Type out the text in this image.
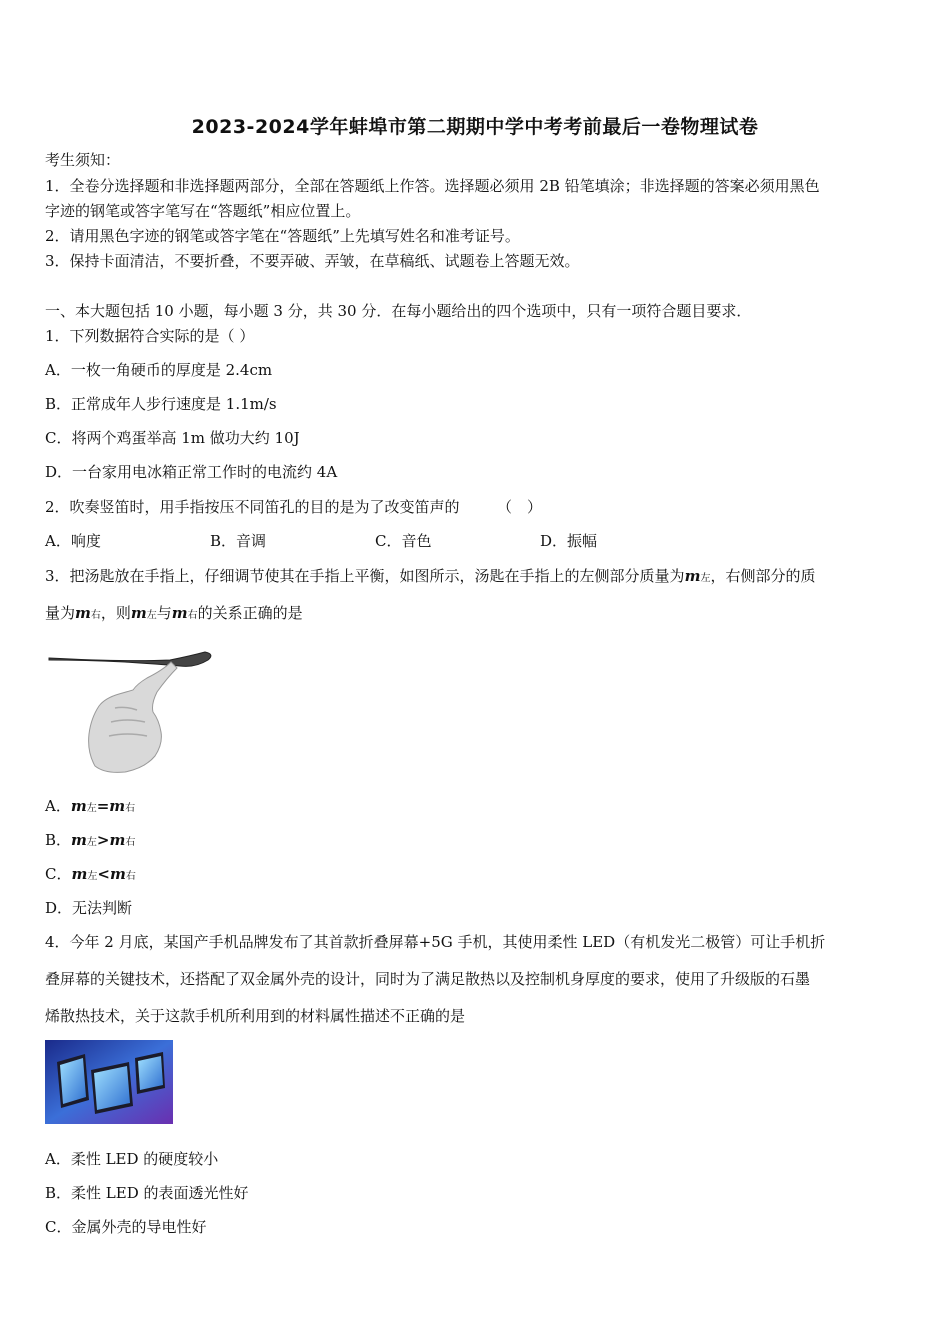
2023-2024学年蚌埠市第二期期中学中考考前最后一卷物理试卷
考生须知：
1．全卷分选择题和非选择题两部分，全部在答题纸上作答。选择题必须用 2B 铅笔填涂；非选择题的答案必须用黑色
字迹的钢笔或答字笔写在“答题纸”相应位置上。
2．请用黑色字迹的钢笔或答字笔在“答题纸”上先填写姓名和准考证号。
3．保持卡面清洁，不要折叠，不要弄破、弄皱，在草稿纸、试题卷上答题无效。
一、本大题包括 10 小题，每小题 3 分，共 30 分．在每小题给出的四个选项中，只有一项符合题目要求．
1．下列数据符合实际的是（ ）
A．一枚一角硬币的厚度是 2.4cm
B．正常成年人步行速度是 1.1m/s
C．将两个鸡蛋举高 1m 做功大约 10J
D．一台家用电冰箱正常工作时的电流约 4A
2．吹奏竖笛时，用手指按压不同笛孔的目的是为了改变笛声的　　　（　）
A．响度	B．音调	C．音色	D．振幅
3．把汤匙放在手指上，仔细调节使其在手指上平衡，如图所示，汤匙在手指上的左侧部分质量为m左，右侧部分的质
量为m右，则m左与m右的关系正确的是
A．m左=m右
B．m左>m右
C．m左<m右
D．无法判断
4．今年 2 月底，某国产手机品牌发布了其首款折叠屏幕+5G 手机，其使用柔性 LED（有机发光二极管）可让手机折
叠屏幕的关键技术，还搭配了双金属外壳的设计，同时为了满足散热以及控制机身厚度的要求，使用了升级版的石墨
烯散热技术，关于这款手机所利用到的材料属性描述不正确的是
A．柔性 LED 的硬度较小
B．柔性 LED 的表面透光性好
C．金属外壳的导电性好
